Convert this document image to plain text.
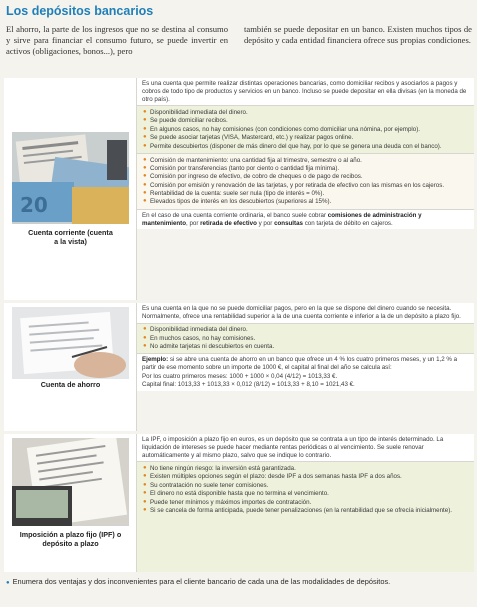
Los depósitos bancarios
El ahorro, la parte de los ingresos que no se destina al consumo y sirve para financiar el consumo futuro, se puede invertir en activos (obligaciones, bonos...), pero
también se puede depositar en un banco. Existen muchos tipos de depósito y cada entidad financiera ofrece sus propias condiciones.
20
Cuenta corriente (cuenta a la vista)
Es una cuenta que permite realizar distintas operaciones bancarias, como domiciliar recibos y asociarlos a pagos y cobros de todo tipo de productos y servicios en un banco. Incluso se puede depositar en ella divisas (en la moneda de otro país).
● Disponibilidad inmediata del dinero.
● Se puede domiciliar recibos.
● En algunos casos, no hay comisiones (con condiciones como domiciliar una nómina, por ejemplo).
● Se puede asociar tarjetas (VISA, Mastercard, etc.) y realizar pagos online.
● Permite descubiertos (disponer de más dinero del que hay, por lo que se genera una deuda con el banco).
● Comisión de mantenimiento: una cantidad fija al trimestre, semestre o al año.
● Comisión por transferencias (tanto por ciento o cantidad fija mínima).
● Comisión por ingreso de efectivo, de cobro de cheques o de pago de recibos.
● Comisión por emisión y renovación de las tarjetas, y por retirada de efectivo con las mismas en los cajeros.
● Rentabilidad de la cuenta: suele ser nula (tipo de interés = 0%).
● Elevados tipos de interés en los descubiertos (superiores al 15%).
En el caso de una cuenta corriente ordinaria, el banco suele cobrar comisiones de administración y mantenimiento, por retirada de efectivo y por consultas con tarjeta de débito en cajeros.
Cuenta de ahorro
Es una cuenta en la que no se puede domiciliar pagos, pero en la que se dispone del dinero cuando se necesita. Normalmente, ofrece una rentabilidad superior a la de una cuenta corriente e inferior a la de un depósito a plazo fijo.
● Disponibilidad inmediata del dinero.
● En muchos casos, no hay comisiones.
● No admite tarjetas ni descubiertos en cuenta.
Ejemplo: si se abre una cuenta de ahorro en un banco que ofrece un 4 % los cuatro primeros meses, y un 1,2 % a partir de ese momento sobre un importe de 1000 €, el capital al final del año se calcula así:
Por los cuatro primeros meses: 1000 + 1000 × 0,04 (4/12) = 1013,33 €.
Capital final: 1013,33 + 1013,33 × 0,012 (8/12) = 1013,33 + 8,10 = 1021,43 €.
Imposición a plazo fijo (IPF) o depósito a plazo
La IPF, o imposición a plazo fijo en euros, es un depósito que se contrata a un tipo de interés determinado. La liquidación de intereses se puede hacer mediante rentas periódicas o al vencimiento. Se suele renovar automáticamente y al mismo plazo, salvo que se indique lo contrario.
● No tiene ningún riesgo: la inversión está garantizada.
● Existen múltiples opciones según el plazo: desde IPF a dos semanas hasta IPF a dos años.
● Su contratación no suele tener comisiones.
● El dinero no está disponible hasta que no termina el vencimiento.
● Puede tener mínimos y máximos importes de contratación.
● Si se cancela de forma anticipada, puede tener penalizaciones (en la rentabilidad que se ofrecía inicialmente).
● Enumera dos ventajas y dos inconvenientes para el cliente bancario de cada una de las modalidades de depósitos.
